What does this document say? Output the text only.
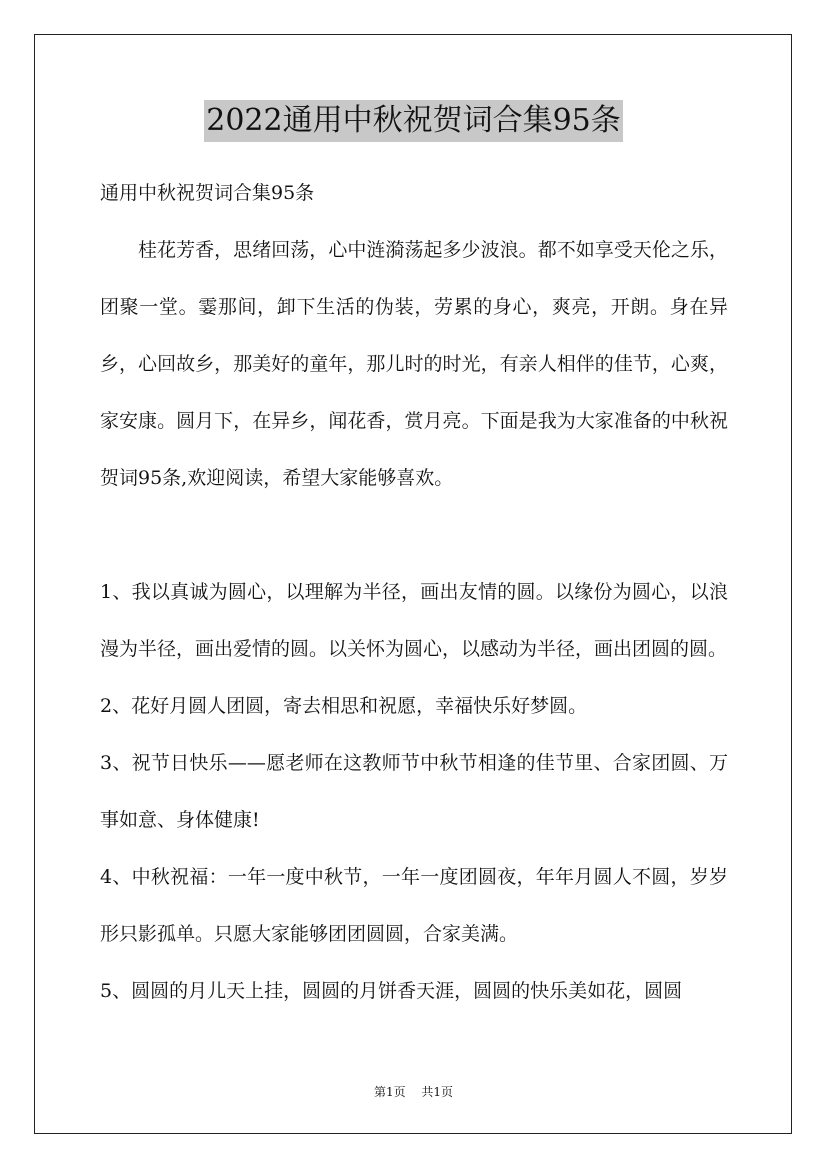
2022通用中秋祝贺词合集95条

通用中秋祝贺词合集95条

桂花芳香，思绪回荡，心中涟漪荡起多少波浪。都不如享受天伦之乐，团聚一堂。霎那间，卸下生活的伪装，劳累的身心，爽亮，开朗。身在异乡，心回故乡，那美好的童年，那儿时的时光，有亲人相伴的佳节，心爽，家安康。圆月下，在异乡，闻花香，赏月亮。下面是我为大家准备的中秋祝贺词95条,欢迎阅读，希望大家能够喜欢。

1、我以真诚为圆心，以理解为半径，画出友情的圆。以缘份为圆心，以浪漫为半径，画出爱情的圆。以关怀为圆心，以感动为半径，画出团圆的圆。

2、花好月圆人团圆，寄去相思和祝愿，幸福快乐好梦圆。

3、祝节日快乐——愿老师在这教师节中秋节相逢的佳节里、合家团圆、万事如意、身体健康!

4、中秋祝福：一年一度中秋节，一年一度团圆夜，年年月圆人不圆，岁岁形只影孤单。只愿大家能够团团圆圆，合家美满。

5、圆圆的月儿天上挂，圆圆的月饼香天涯，圆圆的快乐美如花，圆圆

第1页 共1页
